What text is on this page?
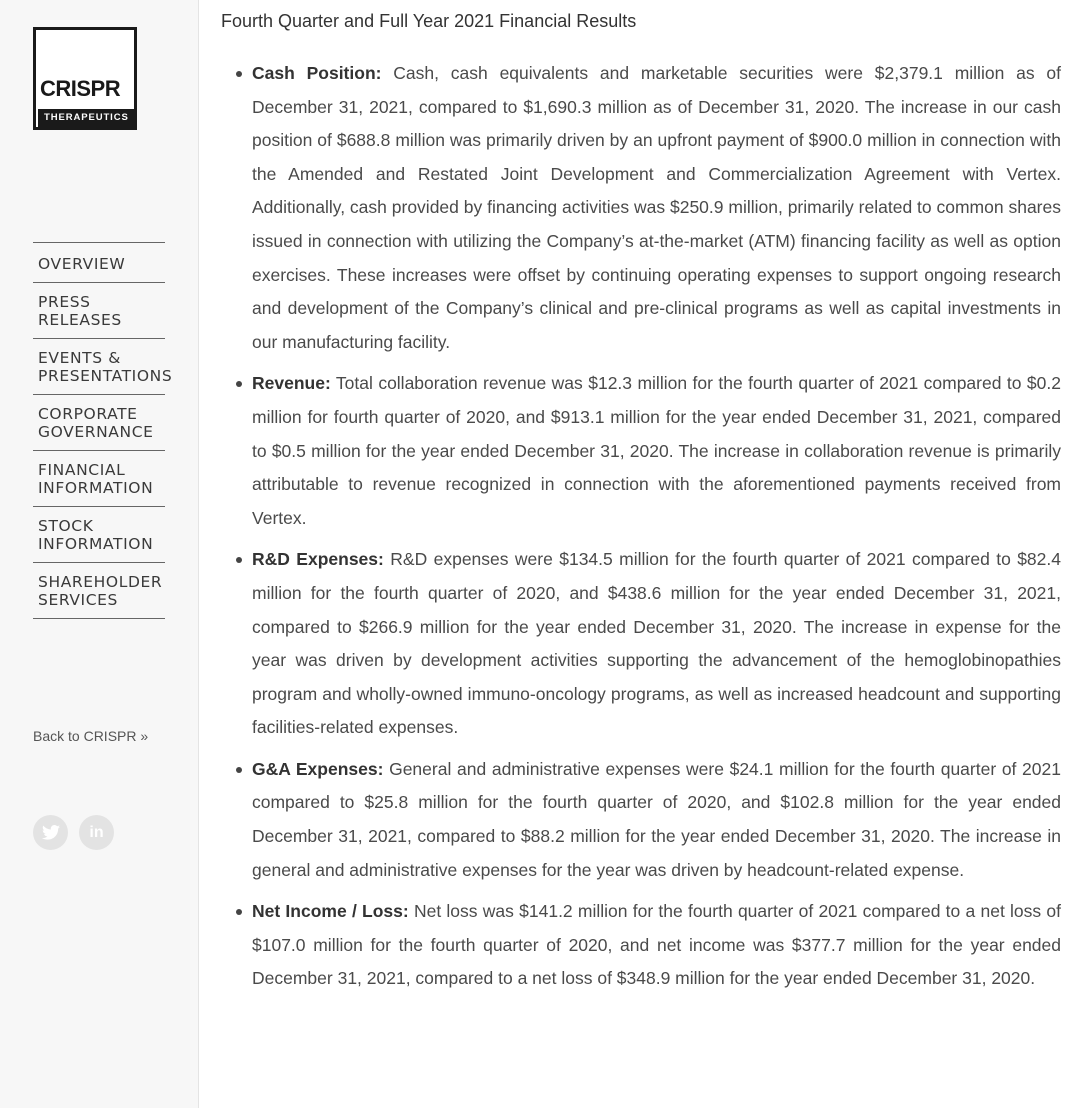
CRISPR
THERAPEUTICS
OVERVIEW
PRESS RELEASES
EVENTS & PRESENTATIONS
CORPORATE GOVERNANCE
FINANCIAL INFORMATION
STOCK INFORMATION
SHAREHOLDER SERVICES
Back to CRISPR »
in
Fourth Quarter and Full Year 2021 Financial Results

Cash Position: Cash, cash equivalents and marketable securities were $2,379.1 million as of December 31, 2021, compared to $1,690.3 million as of December 31, 2020. The increase in our cash position of $688.8 million was primarily driven by an upfront payment of $900.0 million in connection with the Amended and Restated Joint Development and Commercialization Agreement with Vertex. Additionally, cash provided by financing activities was $250.9 million, primarily related to common shares issued in connection with utilizing the Company’s at-the-market (ATM) financing facility as well as option exercises. These increases were offset by continuing operating expenses to support ongoing research and development of the Company’s clinical and pre-clinical programs as well as capital investments in our manufacturing facility.

Revenue: Total collaboration revenue was $12.3 million for the fourth quarter of 2021 compared to $0.2 million for fourth quarter of 2020, and $913.1 million for the year ended December 31, 2021, compared to $0.5 million for the year ended December 31, 2020. The increase in collaboration revenue is primarily attributable to revenue recognized in connection with the aforementioned payments received from Vertex.

R&D Expenses: R&D expenses were $134.5 million for the fourth quarter of 2021 compared to $82.4 million for the fourth quarter of 2020, and $438.6 million for the year ended December 31, 2021, compared to $266.9 million for the year ended December 31, 2020. The increase in expense for the year was driven by development activities supporting the advancement of the hemoglobinopathies program and wholly-owned immuno-oncology programs, as well as increased headcount and supporting facilities-related expenses.

G&A Expenses: General and administrative expenses were $24.1 million for the fourth quarter of 2021 compared to $25.8 million for the fourth quarter of 2020, and $102.8 million for the year ended December 31, 2021, compared to $88.2 million for the year ended December 31, 2020. The increase in general and administrative expenses for the year was driven by headcount-related expense.

Net Income / Loss: Net loss was $141.2 million for the fourth quarter of 2021 compared to a net loss of $107.0 million for the fourth quarter of 2020, and net income was $377.7 million for the year ended December 31, 2021, compared to a net loss of $348.9 million for the year ended December 31, 2020.
